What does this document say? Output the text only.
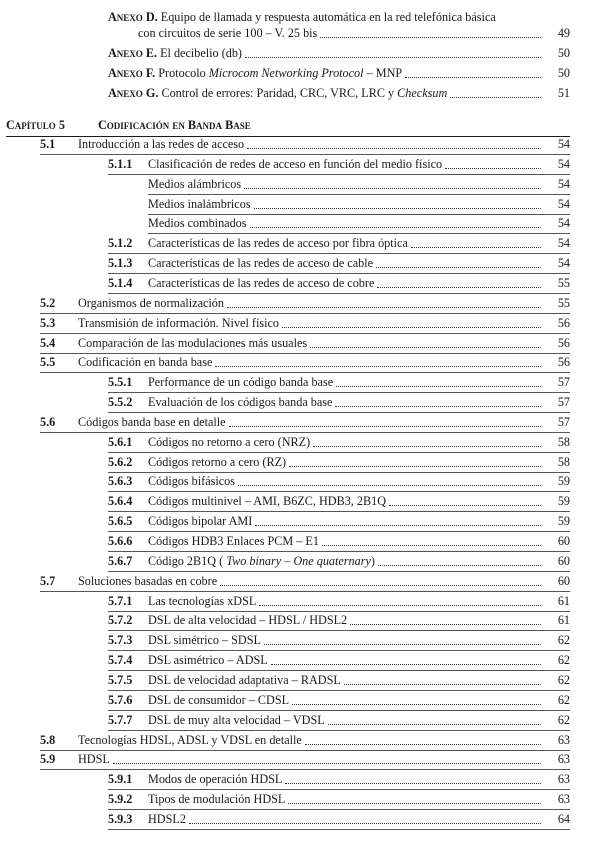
Anexo D. Equipo de llamada y respuesta automática en la red telefónica básica
con circuitos de serie 100 – V. 25 bis	49
Anexo E. El decibelio (db)	50
Anexo F. Protocolo Microcom Networking Protocol – MNP	50
Anexo G. Control de errores: Paridad, CRC, VRC, LRC y Checksum	51
Capítulo 5	Codificación en Banda Base
5.1 Introducción a las redes de acceso	54
5.1.1 Clasificación de redes de acceso en función del medio físico	54
Medios alámbricos	54
Medios inalámbricos	54
Medios combinados	54
5.1.2 Características de las redes de acceso por fibra óptica	54
5.1.3 Características de las redes de acceso de cable	54
5.1.4 Características de las redes de acceso de cobre	55
5.2 Organismos de normalización	55
5.3 Transmisión de información. Nivel físico	56
5.4 Comparación de las modulaciones más usuales	56
5.5 Codificación en banda base	56
5.5.1 Performance de un código banda base	57
5.5.2 Evaluación de los códigos banda base	57
5.6 Códigos banda base en detalle	57
5.6.1 Códigos no retorno a cero (NRZ)	58
5.6.2 Códigos retorno a cero (RZ)	58
5.6.3 Códigos bifásicos	59
5.6.4 Códigos multinivel – AMI, B6ZC, HDB3, 2B1Q	59
5.6.5 Códigos bipolar AMI	59
5.6.6 Códigos HDB3 Enlaces PCM – E1	60
5.6.7 Código 2B1Q ( Two binary – One quaternary)	60
5.7 Soluciones basadas en cobre	60
5.7.1 Las tecnologías xDSL	61
5.7.2 DSL de alta velocidad – HDSL / HDSL2	61
5.7.3 DSL simétrico – SDSL	62
5.7.4 DSL asimétrico – ADSL	62
5.7.5 DSL de velocidad adaptativa – RADSL	62
5.7.6 DSL de consumidor – CDSL	62
5.7.7 DSL de muy alta velocidad – VDSL	62
5.8 Tecnologías HDSL, ADSL y VDSL en detalle	63
5.9 HDSL	63
5.9.1 Modos de operación HDSL	63
5.9.2 Tipos de modulación HDSL	63
5.9.3 HDSL2	64
